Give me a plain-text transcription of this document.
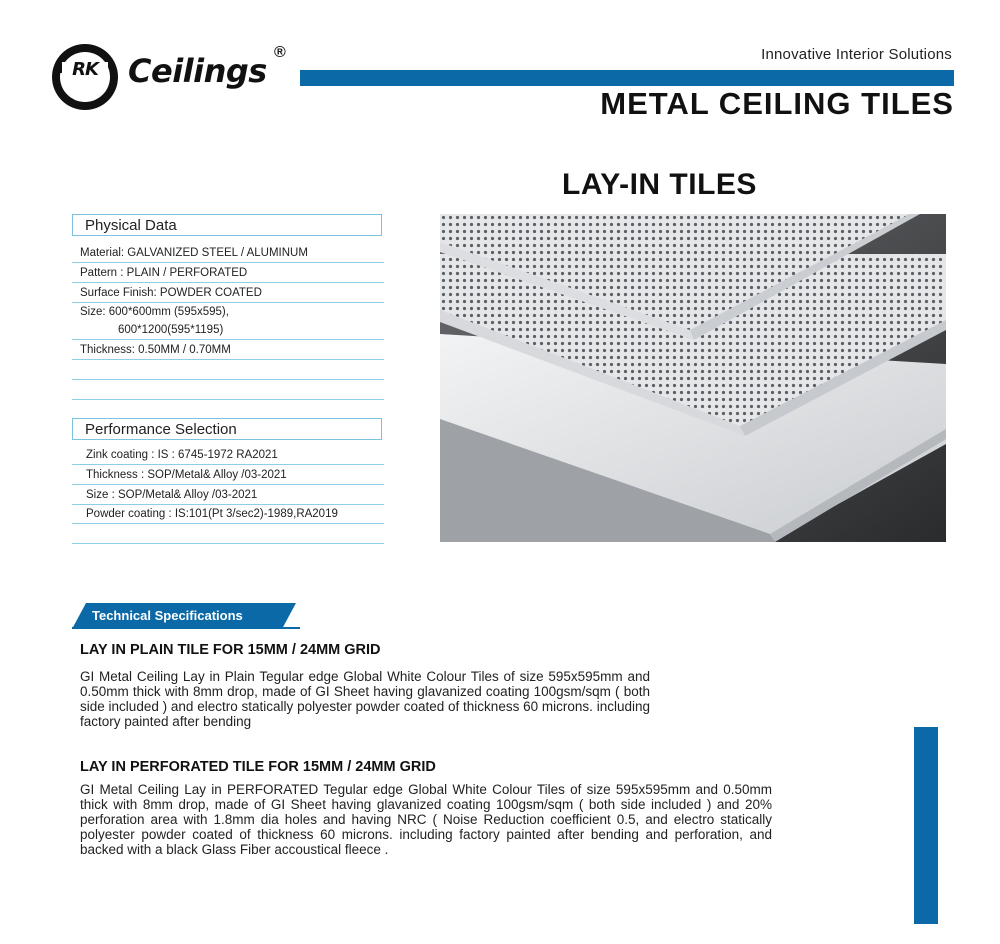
RK Ceilings ®	Innovative Interior Solutions
METAL CEILING TILES
LAY-IN TILES
Physical Data
Material: GALVANIZED STEEL / ALUMINUM
Pattern : PLAIN / PERFORATED
Surface Finish: POWDER COATED
Size: 600*600mm (595x595),
600*1200(595*1195)
Thickness: 0.50MM / 0.70MM
Performance Selection
Zink coating : IS : 6745-1972 RA2021
Thickness : SOP/Metal& Alloy /03-2021
Size : SOP/Metal& Alloy /03-2021
Powder coating : IS:101(Pt 3/sec2)-1989,RA2019
Technical Specifications
LAY IN PLAIN TILE FOR 15MM / 24MM GRID
GI Metal Ceiling Lay in Plain Tegular edge Global White Colour Tiles of size 595x595mm and 0.50mm thick with 8mm drop, made of GI Sheet having glavanized coating 100gsm/sqm ( both side included ) and electro statically polyester powder coated of thickness 60 microns. including factory painted after bending
LAY IN PERFORATED TILE FOR 15MM / 24MM GRID
GI Metal Ceiling Lay in PERFORATED Tegular edge Global White Colour Tiles of size 595x595mm and 0.50mm thick with 8mm drop, made of GI Sheet having glavanized coating 100gsm/sqm ( both side included ) and 20% perforation area with 1.8mm dia holes and having NRC ( Noise Reduction coefficient 0.5, and electro statically polyester powder coated of thickness 60 microns. including factory painted after bending and perforation, and backed with a black Glass Fiber accoustical fleece .
